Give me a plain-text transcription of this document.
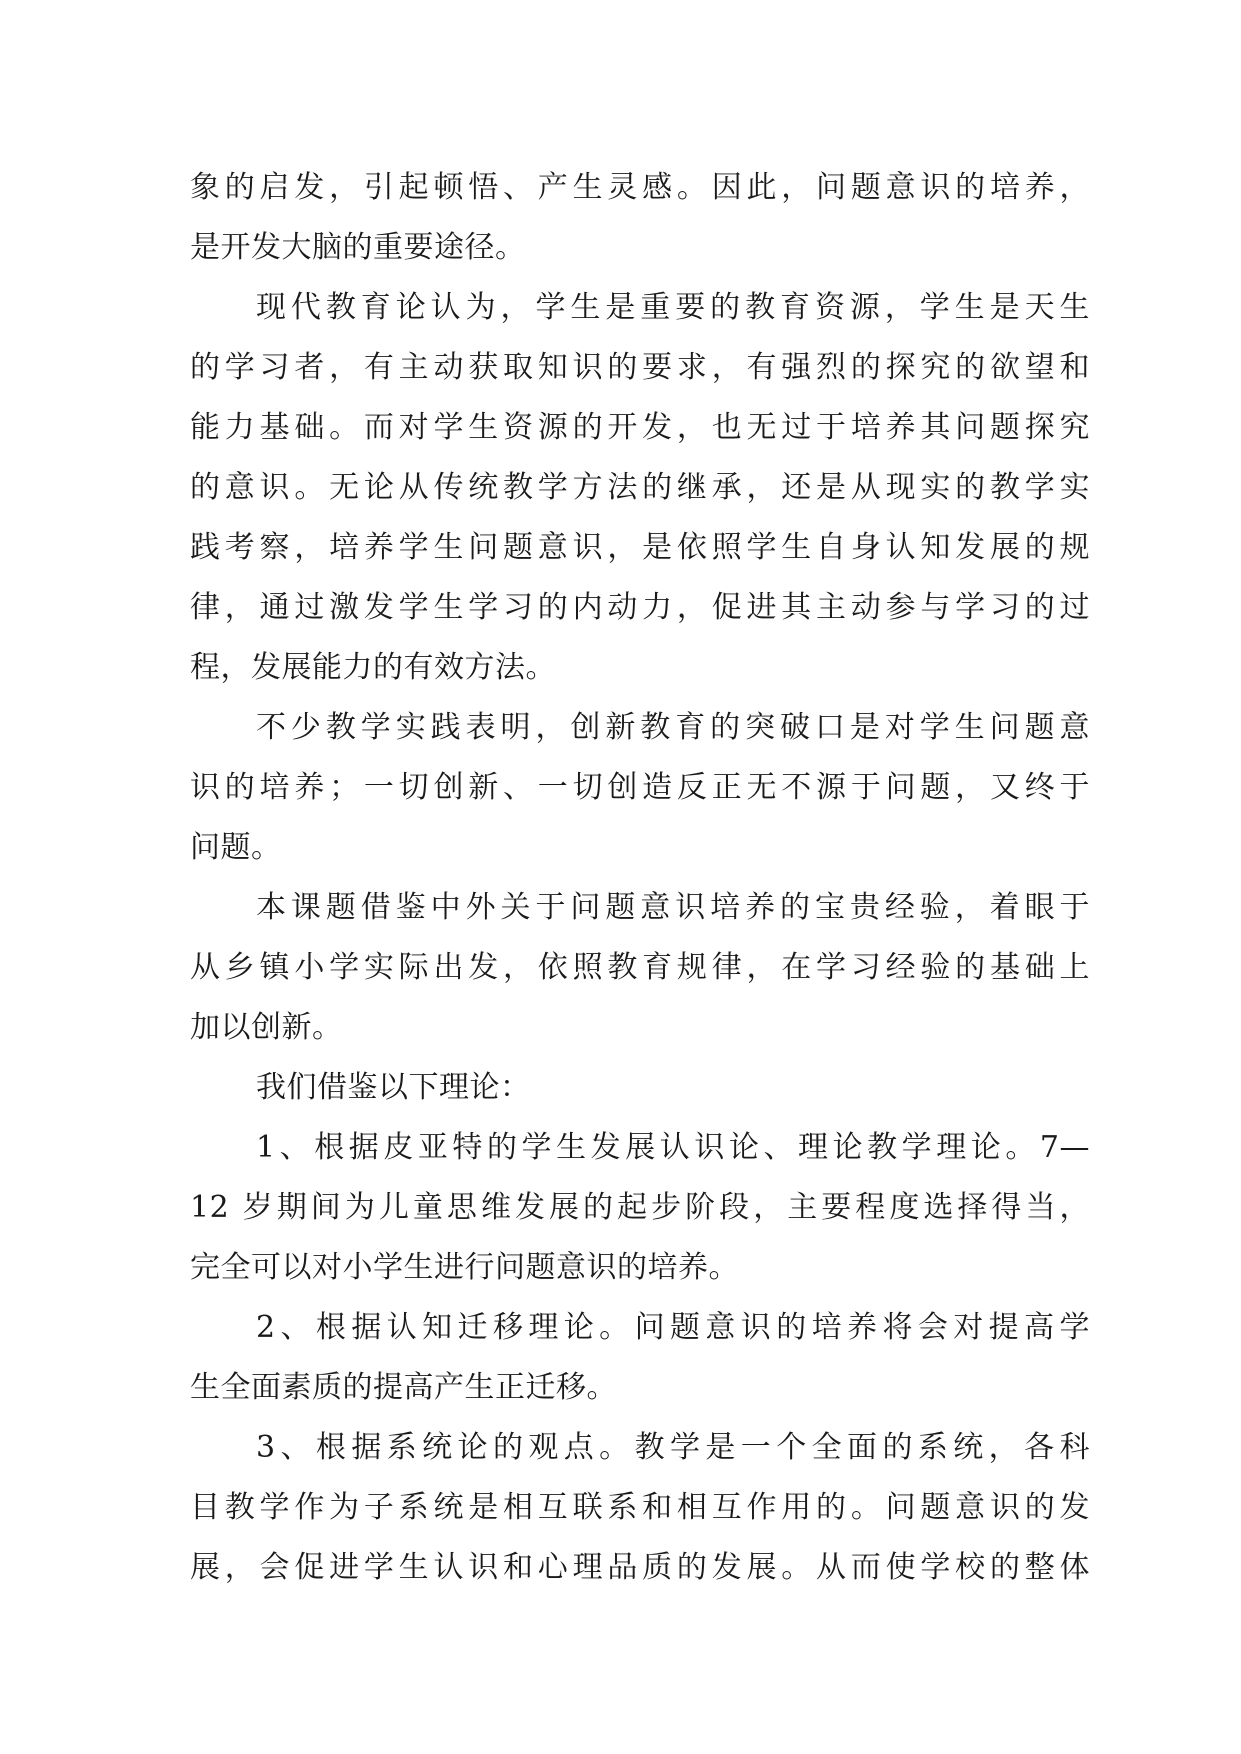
象的启发，引起顿悟、产生灵感。因此，问题意识的培养，
是开发大脑的重要途径。
现代教育论认为，学生是重要的教育资源，学生是天生
的学习者，有主动获取知识的要求，有强烈的探究的欲望和
能力基础。而对学生资源的开发，也无过于培养其问题探究
的意识。无论从传统教学方法的继承，还是从现实的教学实
践考察，培养学生问题意识，是依照学生自身认知发展的规
律，通过激发学生学习的内动力，促进其主动参与学习的过
程，发展能力的有效方法。
不少教学实践表明，创新教育的突破口是对学生问题意
识的培养；一切创新、一切创造反正无不源于问题，又终于
问题。
本课题借鉴中外关于问题意识培养的宝贵经验，着眼于
从乡镇小学实际出发，依照教育规律，在学习经验的基础上
加以创新。
我们借鉴以下理论：
1、根据皮亚特的学生发展认识论、理论教学理论。7—
12 岁期间为儿童思维发展的起步阶段，主要程度选择得当，
完全可以对小学生进行问题意识的培养。
2、根据认知迁移理论。问题意识的培养将会对提高学
生全面素质的提高产生正迁移。
3、根据系统论的观点。教学是一个全面的系统，各科
目教学作为子系统是相互联系和相互作用的。问题意识的发
展，会促进学生认识和心理品质的发展。从而使学校的整体
